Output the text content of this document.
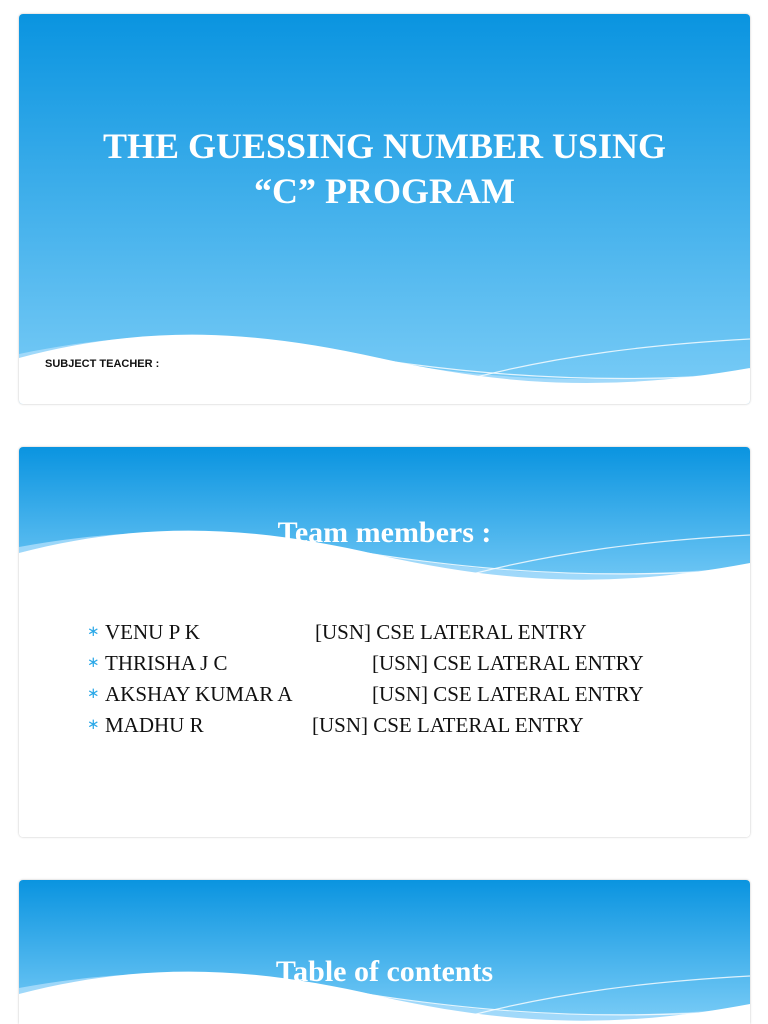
THE GUESSING NUMBER USING
“C” PROGRAM
SUBJECT TEACHER :
Team members :
∗ VENU P K	[USN] CSE LATERAL ENTRY
∗ THRISHA J C	[USN] CSE LATERAL ENTRY
∗ AKSHAY KUMAR A	[USN] CSE LATERAL ENTRY
∗ MADHU R	[USN] CSE LATERAL ENTRY
Table of contents
